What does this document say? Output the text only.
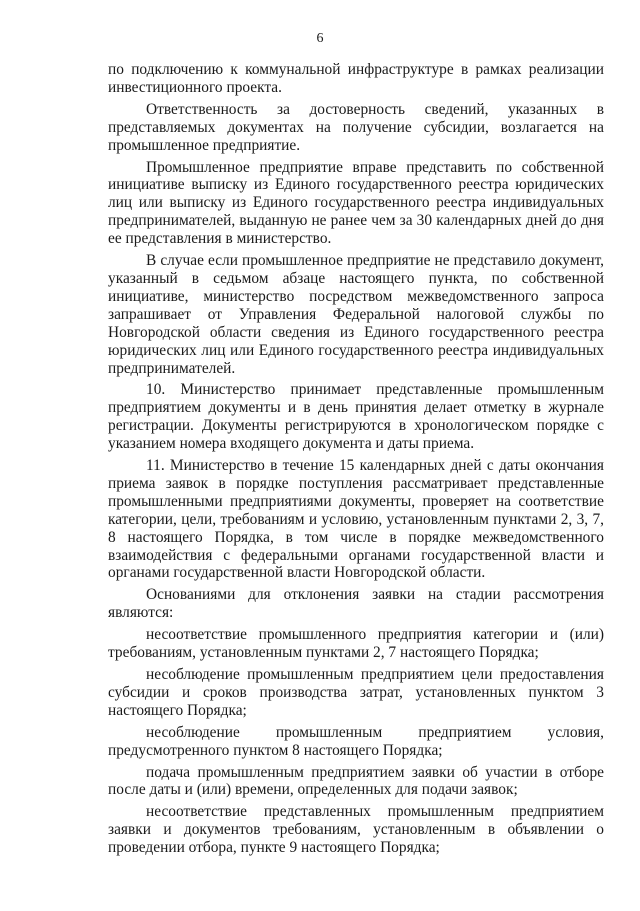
6

по подключению к коммунальной инфраструктуре в рамках реализации инвестиционного проекта.

Ответственность за достоверность сведений, указанных в представляемых документах на получение субсидии, возлагается на промышленное предприятие.

Промышленное предприятие вправе представить по собственной инициативе выписку из Единого государственного реестра юридических лиц или выписку из Единого государственного реестра индивидуальных предпринимателей, выданную не ранее чем за 30 календарных дней до дня ее представления в министерство.

В случае если промышленное предприятие не представило документ, указанный в седьмом абзаце настоящего пункта, по собственной инициативе, министерство посредством межведомственного запроса запрашивает от Управления Федеральной налоговой службы по Новгородской области сведения из Единого государственного реестра юридических лиц или Единого государственного реестра индивидуальных предпринимателей.

10. Министерство принимает представленные промышленным предприятием документы и в день принятия делает отметку в журнале регистрации. Документы регистрируются в хронологическом порядке с указанием номера входящего документа и даты приема.

11. Министерство в течение 15 календарных дней с даты окончания приема заявок в порядке поступления рассматривает представленные промышленными предприятиями документы, проверяет на соответствие категории, цели, требованиям и условию, установленным пунктами 2, 3, 7, 8 настоящего Порядка, в том числе в порядке межведомственного взаимодействия с федеральными органами государственной власти и органами государственной власти Новгородской области.

Основаниями для отклонения заявки на стадии рассмотрения являются:

несоответствие промышленного предприятия категории и (или) требованиям, установленным пунктами 2, 7 настоящего Порядка;

несоблюдение промышленным предприятием цели предоставления субсидии и сроков производства затрат, установленных пунктом 3 настоящего Порядка;

несоблюдение промышленным предприятием условия, предусмотренного пунктом 8 настоящего Порядка;

подача промышленным предприятием заявки об участии в отборе после даты и (или) времени, определенных для подачи заявок;

несоответствие представленных промышленным предприятием заявки и документов требованиям, установленным в объявлении о проведении отбора, пункте 9 настоящего Порядка;
